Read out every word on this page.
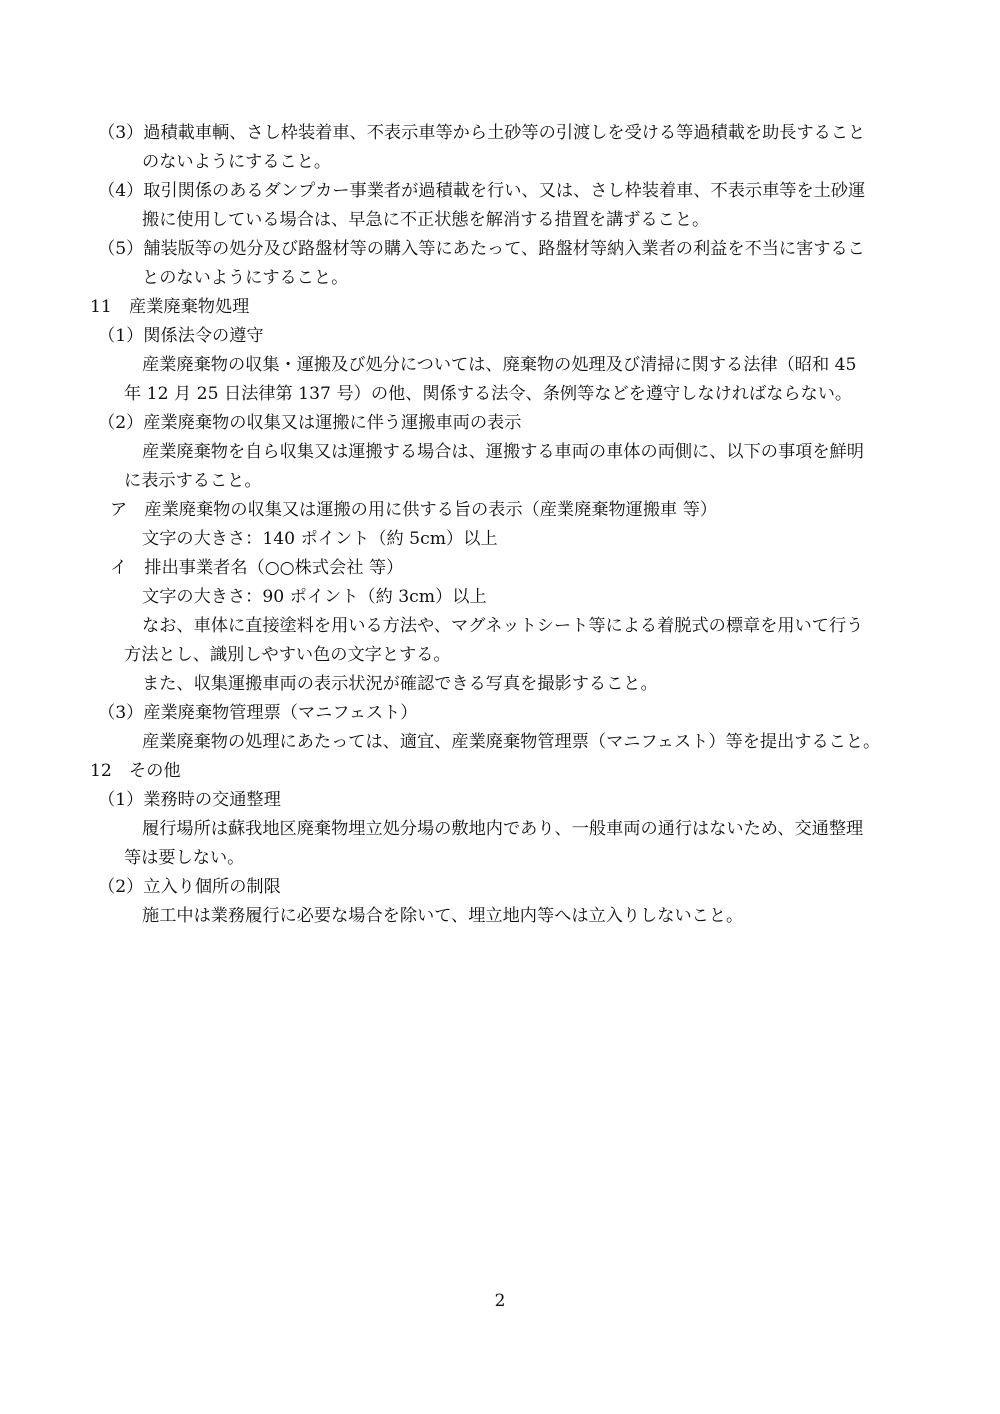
（3）過積載車輌、さし枠装着車、不表示車等から土砂等の引渡しを受ける等過積載を助長すること
のないようにすること。
（4）取引関係のあるダンプカー事業者が過積載を行い、又は、さし枠装着車、不表示車等を土砂運
搬に使用している場合は、早急に不正状態を解消する措置を講ずること。
（5）舗装版等の処分及び路盤材等の購入等にあたって、路盤材等納入業者の利益を不当に害するこ
とのないようにすること。
11　産業廃棄物処理
（1）関係法令の遵守
産業廃棄物の収集・運搬及び処分については、廃棄物の処理及び清掃に関する法律（昭和 45
年 12 月 25 日法律第 137 号）の他、関係する法令、条例等などを遵守しなければならない。
（2）産業廃棄物の収集又は運搬に伴う運搬車両の表示
産業廃棄物を自ら収集又は運搬する場合は、運搬する車両の車体の両側に、以下の事項を鮮明
に表示すること。
ア　産業廃棄物の収集又は運搬の用に供する旨の表示（産業廃棄物運搬車 等）
文字の大きさ：140 ポイント（約 5cm）以上
イ　排出事業者名（○○株式会社 等）
文字の大きさ：90 ポイント（約 3cm）以上
なお、車体に直接塗料を用いる方法や、マグネットシート等による着脱式の標章を用いて行う
方法とし、識別しやすい色の文字とする。
また、収集運搬車両の表示状況が確認できる写真を撮影すること。
（3）産業廃棄物管理票（マニフェスト）
産業廃棄物の処理にあたっては、適宜、産業廃棄物管理票（マニフェスト）等を提出すること。
12　その他
（1）業務時の交通整理
履行場所は蘇我地区廃棄物埋立処分場の敷地内であり、一般車両の通行はないため、交通整理
等は要しない。
（2）立入り個所の制限
施工中は業務履行に必要な場合を除いて、埋立地内等へは立入りしないこと。
2
